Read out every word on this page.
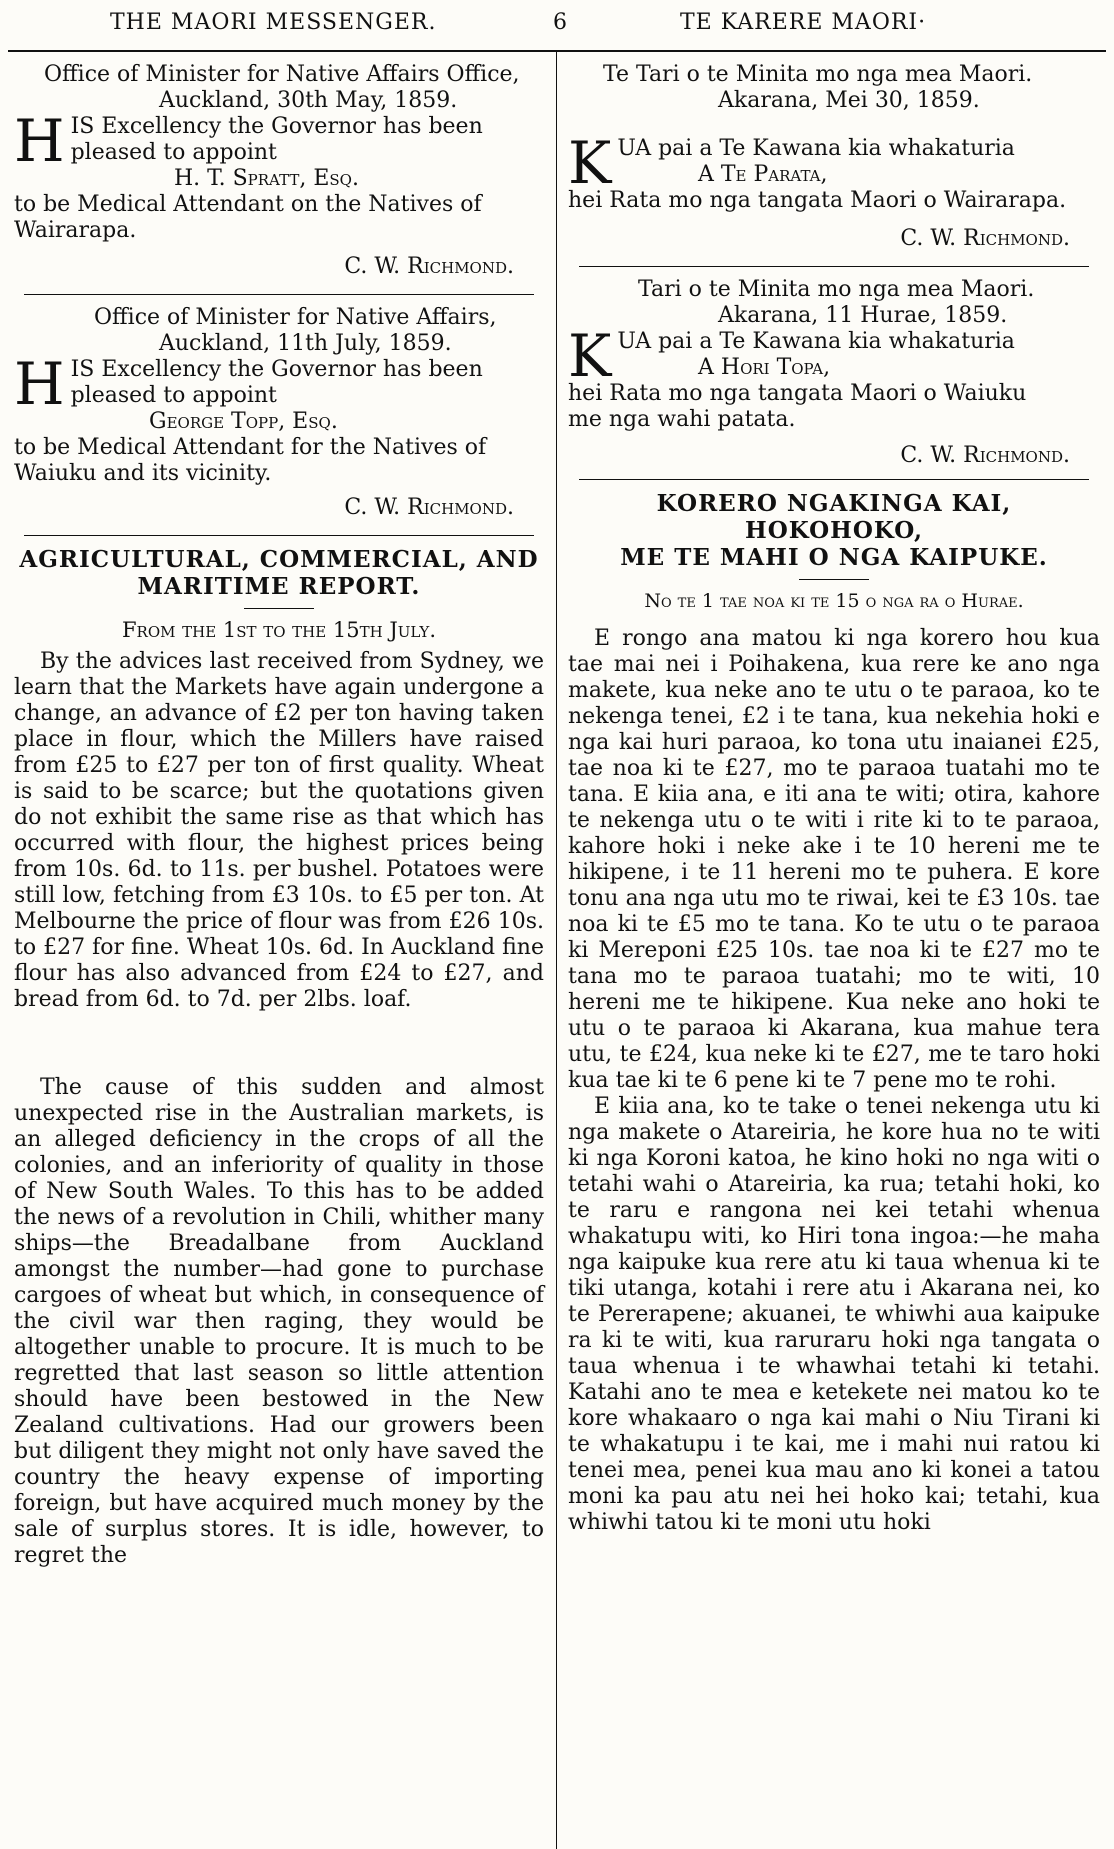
THE MAORI MESSENGER.	6	TE KARERE MAORI·

Office of Minister for Native Affairs Office,

Auckland, 30th May, 1859.

H IS Excellency the Governor has been

pleased to appoint

H. T. Spratt, Esq.

to be Medical Attendant on the Natives of

Wairarapa.

C. W. Richmond.

Office of Minister for Native Affairs,

Auckland, 11th July, 1859.

H IS Excellency the Governor has been

pleased to appoint

George Topp, Esq.

to be Medical Attendant for the Natives of

Waiuku and its vicinity.

C. W. Richmond.

AGRICULTURAL, COMMERCIAL, AND

MARITIME REPORT.

From the 1st to the 15th July.

By the advices last received from Sydney, we learn that the Markets have again undergone a change, an advance of £2 per ton having taken place in flour, which the Millers have raised from £25 to £27 per ton of first quality. Wheat is said to be scarce; but the quotations given do not exhibit the same rise as that which has occurred with flour, the highest prices being from 10s. 6d. to 11s. per bushel. Potatoes were still low, fetching from £3 10s. to £5 per ton. At Melbourne the price of flour was from £26 10s. to £27 for fine. Wheat 10s. 6d. In Auckland fine flour has also advanced from £24 to £27, and bread from 6d. to 7d. per 2lbs. loaf.

The cause of this sudden and almost unexpected rise in the Australian markets, is an alleged deficiency in the crops of all the colonies, and an inferiority of quality in those of New South Wales. To this has to be added the news of a revolution in Chili, whither many ships—the Breadalbane from Auckland amongst the number—had gone to purchase cargoes of wheat but which, in consequence of the civil war then raging, they would be altogether unable to procure. It is much to be regretted that last season so little attention should have been bestowed in the New Zealand cultivations. Had our growers been but diligent they might not only have saved the country the heavy expense of importing foreign, but have acquired much money by the sale of surplus stores. It is idle, however, to regret the

Te Tari o te Minita mo nga mea Maori.

Akarana, Mei 30, 1859.

K UA pai a Te Kawana kia whakaturia

A Te Parata,

hei Rata mo nga tangata Maori o Wairarapa.

C. W. Richmond.

Tari o te Minita mo nga mea Maori.

Akarana, 11 Hurae, 1859.

K UA pai a Te Kawana kia whakaturia

A Hori Topa,

hei Rata mo nga tangata Maori o Waiuku

me nga wahi patata.

C. W. Richmond.

KORERO NGAKINGA KAI, HOKOHOKO,

ME TE MAHI O NGA KAIPUKE.

No te 1 tae noa ki te 15 o nga ra o Hurae.

E rongo ana matou ki nga korero hou kua tae mai nei i Poihakena, kua rere ke ano nga makete, kua neke ano te utu o te paraoa, ko te nekenga tenei, £2 i te tana, kua nekehia hoki e nga kai huri paraoa, ko tona utu inaianei £25, tae noa ki te £27, mo te paraoa tuatahi mo te tana. E kiia ana, e iti ana te witi; otira, kahore te nekenga utu o te witi i rite ki to te paraoa, kahore hoki i neke ake i te 10 hereni me te hikipene, i te 11 hereni mo te puhera. E kore tonu ana nga utu mo te riwai, kei te £3 10s. tae noa ki te £5 mo te tana. Ko te utu o te paraoa ki Mereponi £25 10s. tae noa ki te £27 mo te tana mo te paraoa tuatahi; mo te witi, 10 hereni me te hikipene. Kua neke ano hoki te utu o te paraoa ki Akarana, kua mahue tera utu, te £24, kua neke ki te £27, me te taro hoki kua tae ki te 6 pene ki te 7 pene mo te rohi.

E kiia ana, ko te take o tenei nekenga utu ki nga makete o Atareiria, he kore hua no te witi ki nga Koroni katoa, he kino hoki no nga witi o tetahi wahi o Atareiria, ka rua; tetahi hoki, ko te raru e rangona nei kei tetahi whenua whakatupu witi, ko Hiri tona ingoa:—he maha nga kaipuke kua rere atu ki taua whenua ki te tiki utanga, kotahi i rere atu i Akarana nei, ko te Pererapene; akuanei, te whiwhi aua kaipuke ra ki te witi, kua raruraru hoki nga tangata o taua whenua i te whawhai tetahi ki tetahi. Katahi ano te mea e ketekete nei matou ko te kore whakaaro o nga kai mahi o Niu Tirani ki te whakatupu i te kai, me i mahi nui ratou ki tenei mea, penei kua mau ano ki konei a tatou moni ka pau atu nei hei hoko kai; tetahi, kua whiwhi tatou ki te moni utu hoki
